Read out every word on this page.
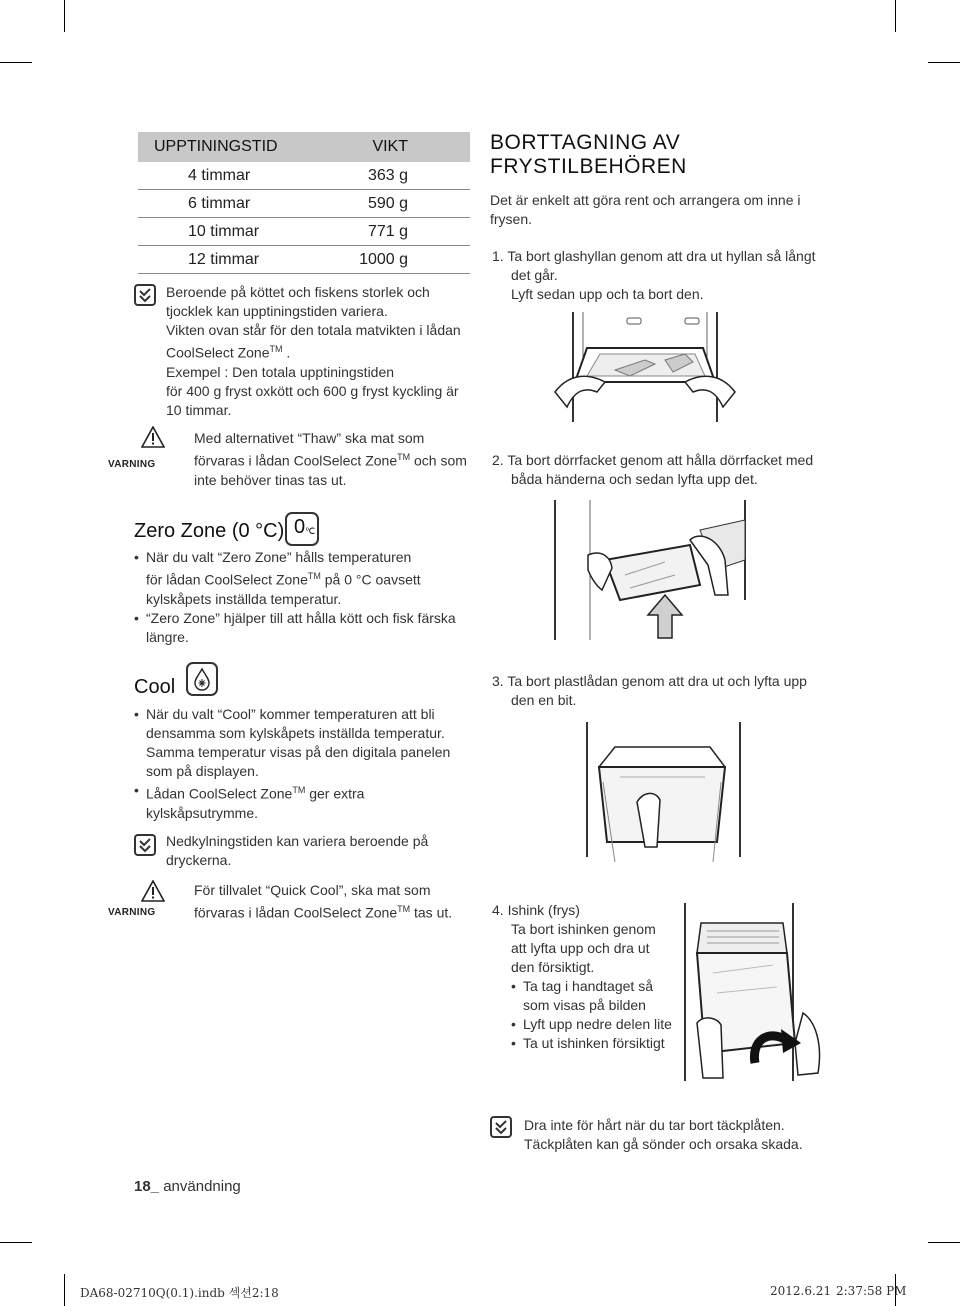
UPPTININGSTID	VIKT
4 timmar	363 g
6 timmar	590 g
10 timmar	771 g
12 timmar	1000 g
Beroende på köttet och fiskens storlek och
tjocklek kan upptiningstiden variera.
Vikten ovan står för den totala matvikten i lådan
CoolSelect Zone™ .
Exempel : Den totala upptiningstiden
för 400 g fryst oxkött och 600 g fryst kyckling är
10 timmar.
VARNING
Med alternativet “Thaw” ska mat som
förvaras i lådan CoolSelect Zone™ och som
inte behöver tinas tas ut.
Zero Zone (0 °C) 0 ℃
• När du valt “Zero Zone” hålls temperaturen
för lådan CoolSelect Zone™ på 0 °C oavsett
kylskåpets inställda temperatur.
• “Zero Zone” hjälper till att hålla kött och fisk färska
längre.
Cool
• När du valt “Cool” kommer temperaturen att bli
densamma som kylskåpets inställda temperatur.
Samma temperatur visas på den digitala panelen
som på displayen.
• Lådan CoolSelect Zone™ ger extra
kylskåpsutrymme.
Nedkylningstiden kan variera beroende på
dryckerna.
VARNING
För tillvalet “Quick Cool”, ska mat som
förvaras i lådan CoolSelect Zone™ tas ut.
BORTTAGNING AV
FRYSTILBEHÖREN
Det är enkelt att göra rent och arrangera om inne i
frysen.
1. Ta bort glashyllan genom att dra ut hyllan så långt
det går.
Lyft sedan upp och ta bort den.
2. Ta bort dörrfacket genom att hålla dörrfacket med
båda händerna och sedan lyfta upp det.
3. Ta bort plastlådan genom att dra ut och lyfta upp
den en bit.
4. Ishink (frys)
Ta bort ishinken genom
att lyfta upp och dra ut
den försiktigt.
• Ta tag i handtaget så
som visas på bilden
• Lyft upp nedre delen lite
• Ta ut ishinken försiktigt
Dra inte för hårt när du tar bort täckplåten.
Täckplåten kan gå sönder och orsaka skada.
18_ användning
DA68-02710Q(0.1).indb 섹션2:18	2012.6.21 2:37:58 PM
